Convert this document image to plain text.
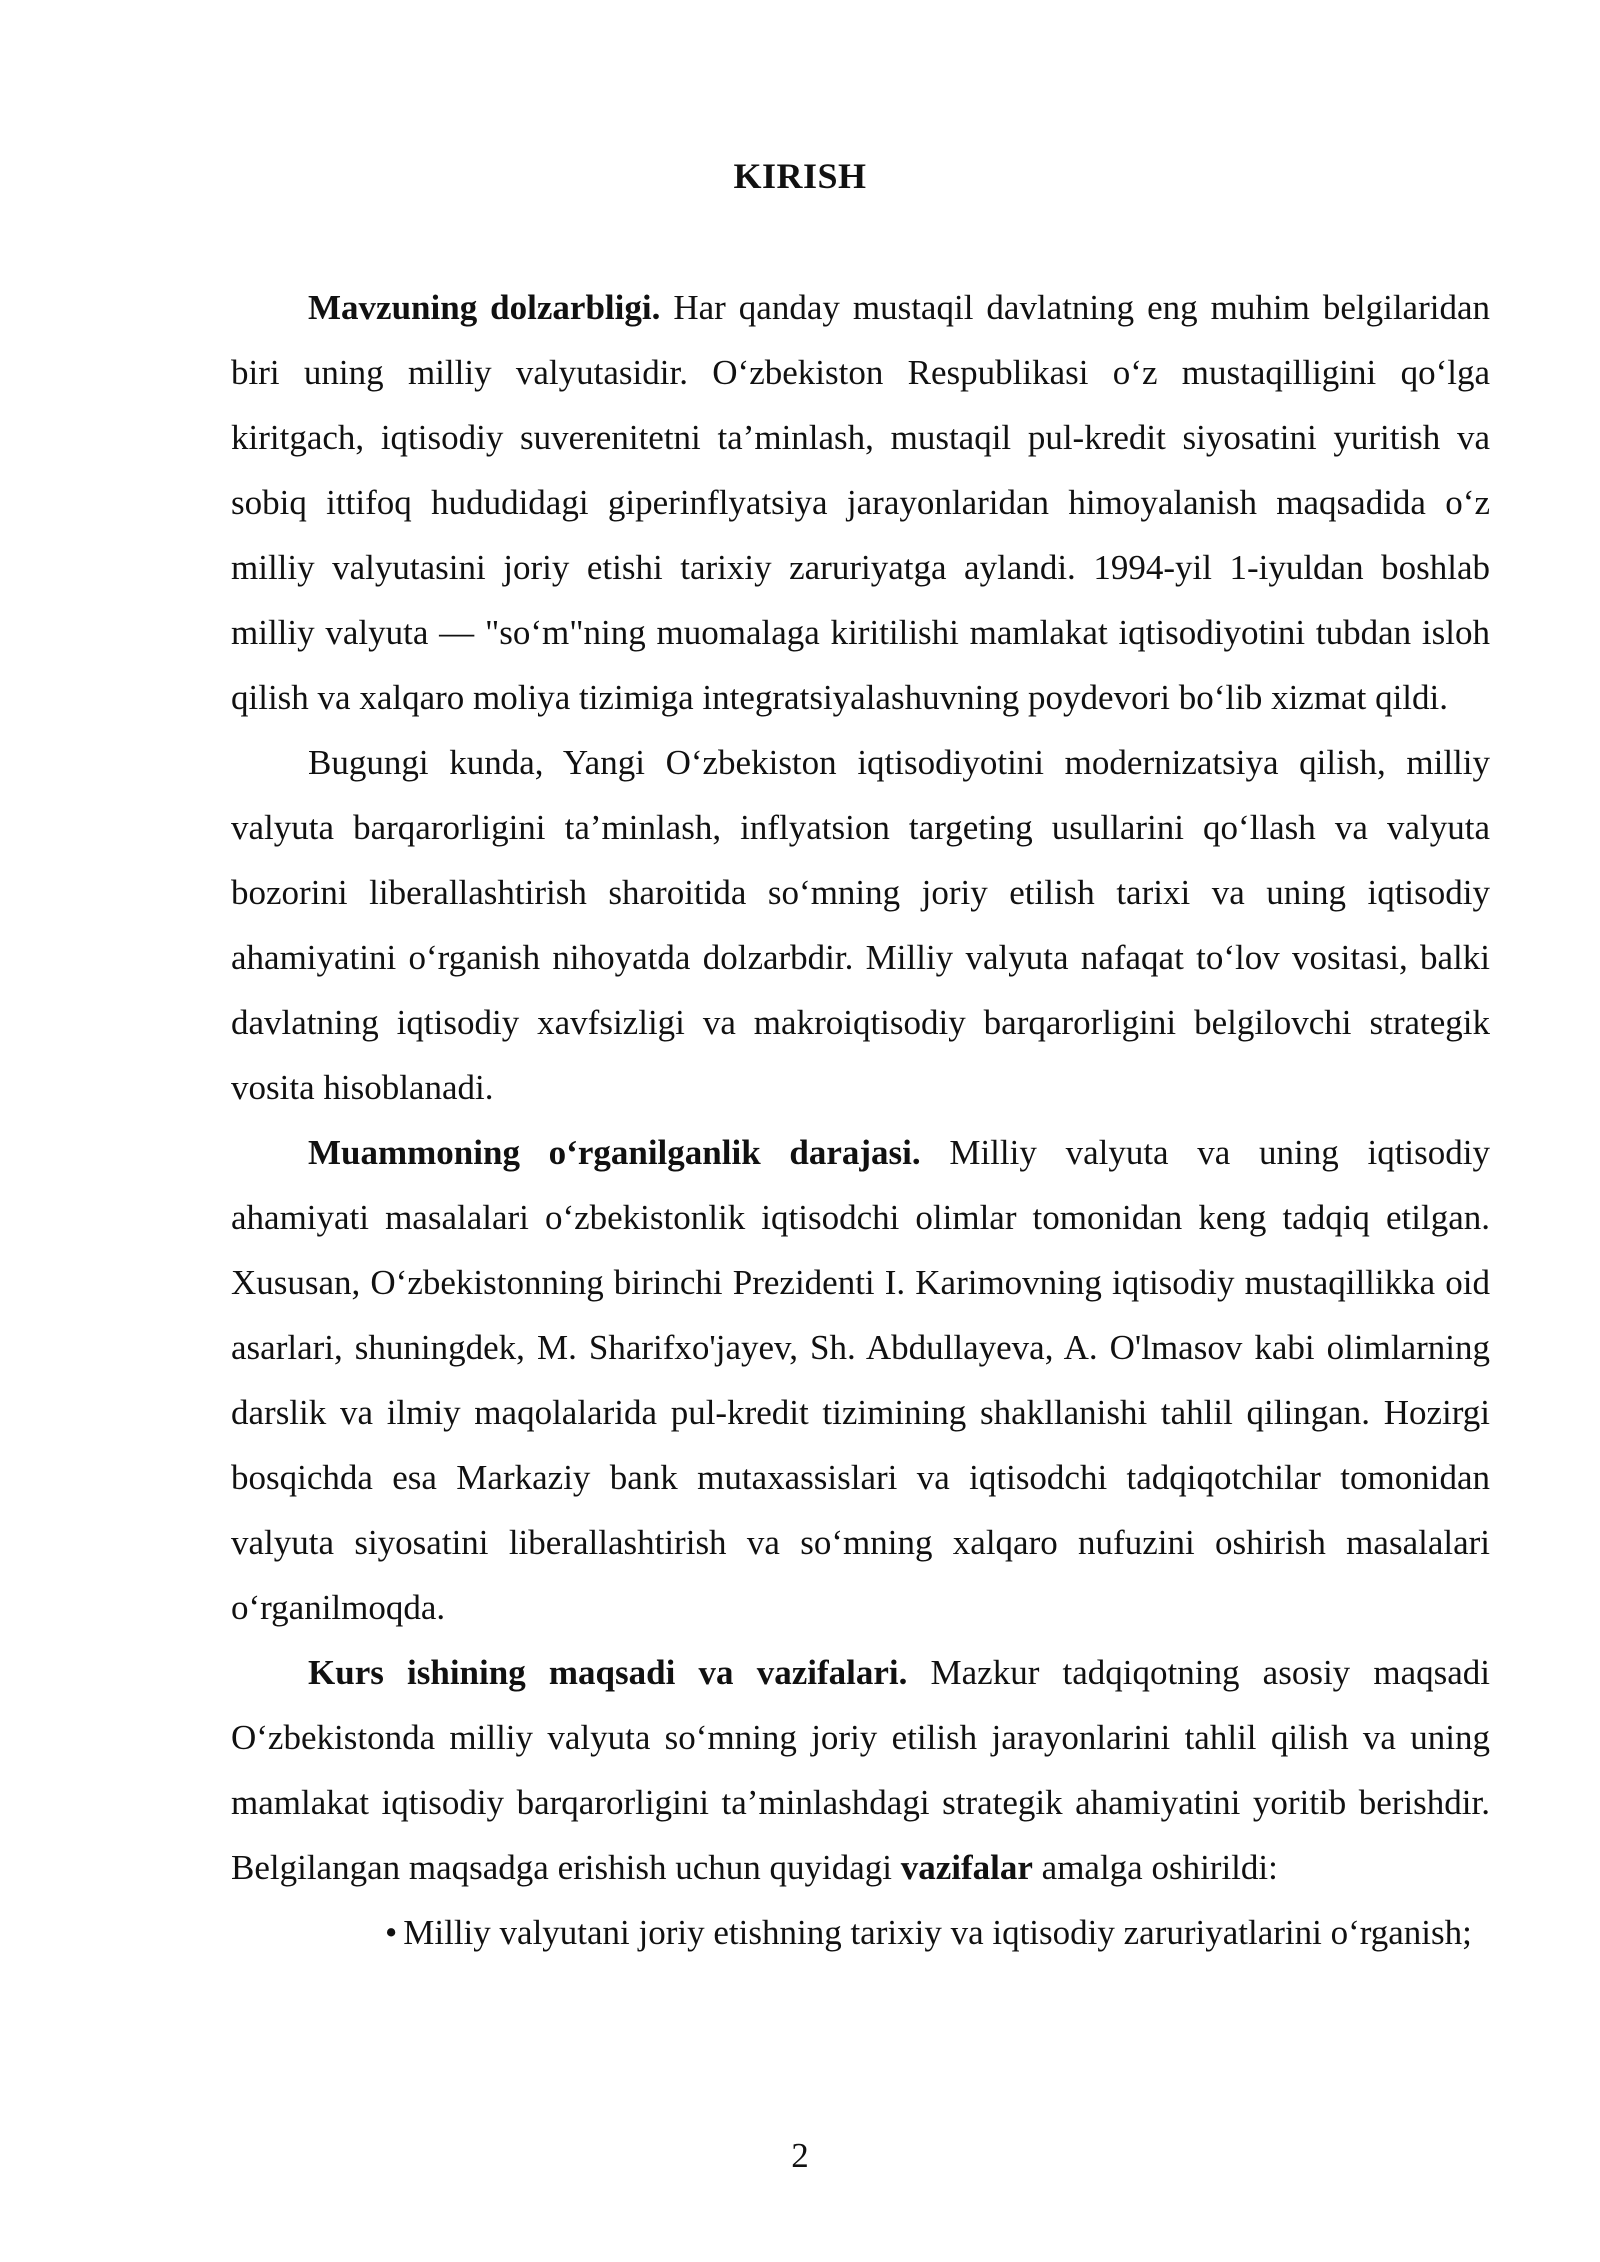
KIRISH

Mavzuning dolzarbligi. Har qanday mustaqil davlatning eng muhim belgilaridan biri uning milliy valyutasidir. O‘zbekiston Respublikasi o‘z mustaqilligini qo‘lga kiritgach, iqtisodiy suverenitetni ta’minlash, mustaqil pul-kredit siyosatini yuritish va sobiq ittifoq hududidagi giperinflyatsiya jarayonlaridan himoyalanish maqsadida o‘z milliy valyutasini joriy etishi tarixiy zaruriyatga aylandi. 1994-yil 1-iyuldan boshlab milliy valyuta — "so‘m"ning muomalaga kiritilishi mamlakat iqtisodiyotini tubdan isloh qilish va xalqaro moliya tizimiga integratsiyalashuvning poydevori bo‘lib xizmat qildi.

Bugungi kunda, Yangi O‘zbekiston iqtisodiyotini modernizatsiya qilish, milliy valyuta barqarorligini ta’minlash, inflyatsion targeting usullarini qo‘llash va valyuta bozorini liberallashtirish sharoitida so‘mning joriy etilish tarixi va uning iqtisodiy ahamiyatini o‘rganish nihoyatda dolzarbdir. Milliy valyuta nafaqat to‘lov vositasi, balki davlatning iqtisodiy xavfsizligi va makroiqtisodiy barqarorligini belgilovchi strategik vosita hisoblanadi.

Muammoning o‘rganilganlik darajasi. Milliy valyuta va uning iqtisodiy ahamiyati masalalari o‘zbekistonlik iqtisodchi olimlar tomonidan keng tadqiq etilgan. Xususan, O‘zbekistonning birinchi Prezidenti I. Karimovning iqtisodiy mustaqillikka oid asarlari, shuningdek, M. Sharifxo'jayev, Sh. Abdullayeva, A. O'lmasov kabi olimlarning darslik va ilmiy maqolalarida pul-kredit tizimining shakllanishi tahlil qilingan. Hozirgi bosqichda esa Markaziy bank mutaxassislari va iqtisodchi tadqiqotchilar tomonidan valyuta siyosatini liberallashtirish va so‘mning xalqaro nufuzini oshirish masalalari o‘rganilmoqda.

Kurs ishining maqsadi va vazifalari. Mazkur tadqiqotning asosiy maqsadi O‘zbekistonda milliy valyuta so‘mning joriy etilish jarayonlarini tahlil qilish va uning mamlakat iqtisodiy barqarorligini ta’minlashdagi strategik ahamiyatini yoritib berishdir. Belgilangan maqsadga erishish uchun quyidagi vazifalar amalga oshirildi:

• Milliy valyutani joriy etishning tarixiy va iqtisodiy zaruriyatlarini o‘rganish;

2
